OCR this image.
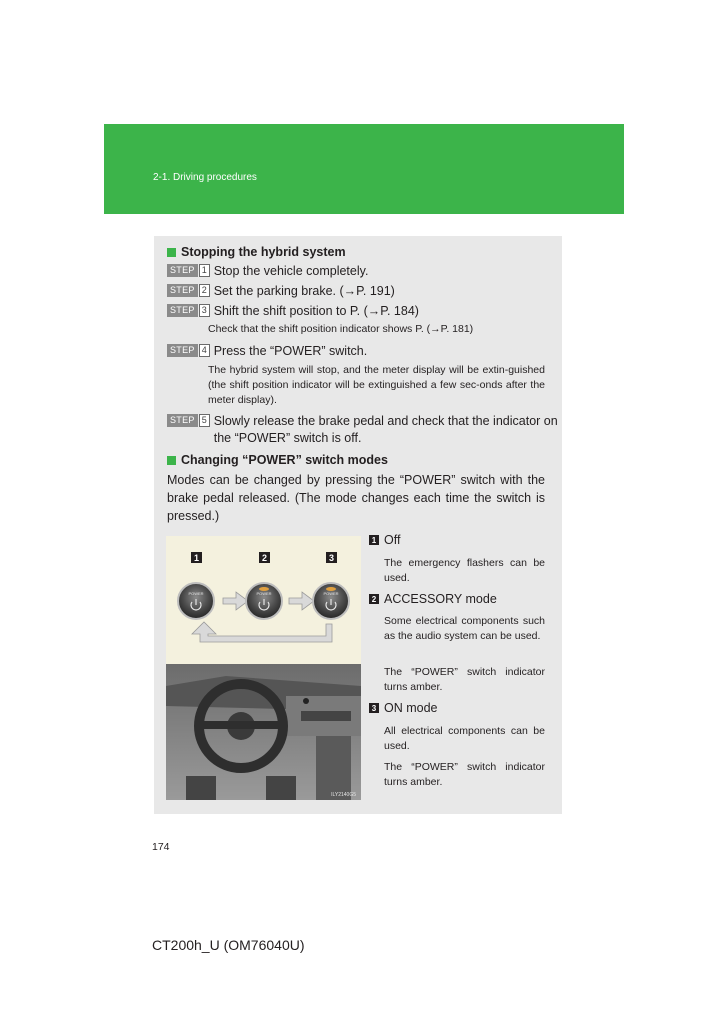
2-1. Driving procedures
Stopping the hybrid system
STEP 1 Stop the vehicle completely.
STEP 2 Set the parking brake. (→P. 191)
STEP 3 Shift the shift position to P. (→P. 184)
Check that the shift position indicator shows P. (→P. 181)
STEP 4 Press the “POWER” switch.
The hybrid system will stop, and the meter display will be extin-guished (the shift position indicator will be extinguished a few sec-onds after the meter display).
STEP 5 Slowly release the brake pedal and check that the indicator on
the “POWER” switch is off.
Changing “POWER” switch modes
Modes can be changed by pressing the “POWER” switch with the brake pedal released. (The mode changes each time the switch is pressed.)
POWER	POWER	POWER
1	2	3
ILY2140G5
1 Off
The emergency flashers can be used.
2 ACCESSORY mode
Some electrical components such as the audio system can be used.
The “POWER” switch indicator turns amber.
3 ON mode
All electrical components can be used.
The “POWER” switch indicator turns amber.
174
CT200h_U (OM76040U)
